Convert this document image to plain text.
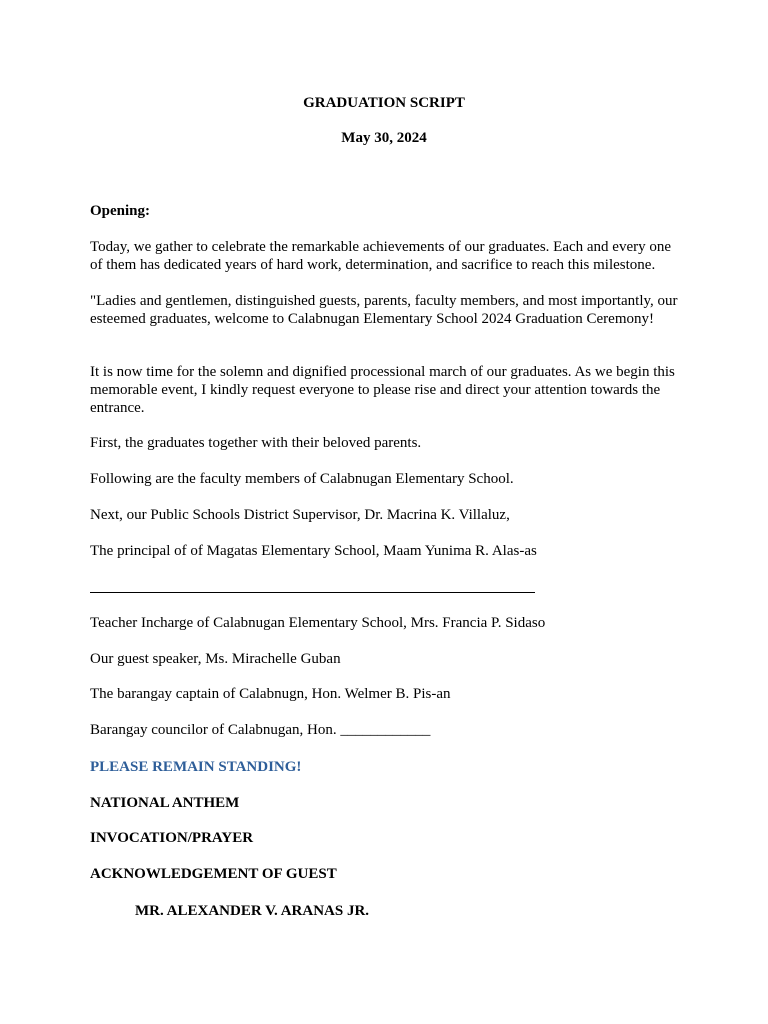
GRADUATION SCRIPT

May 30, 2024

Opening:

Today, we gather to celebrate the remarkable achievements of our graduates. Each and every one of them has dedicated years of hard work, determination, and sacrifice to reach this milestone.

"Ladies and gentlemen, distinguished guests, parents, faculty members, and most importantly, our esteemed graduates, welcome to Calabnugan Elementary School 2024 Graduation Ceremony!

It is now time for the solemn and dignified processional march of our graduates. As we begin this memorable event, I kindly request everyone to please rise and direct your attention towards the entrance.

First, the graduates together with their beloved parents.

Following are the faculty members of Calabnugan Elementary School.

Next, our Public Schools District Supervisor, Dr. Macrina K. Villaluz,

The principal of of Magatas Elementary School, Maam Yunima R. Alas-as

Teacher Incharge of Calabnugan Elementary School, Mrs. Francia P. Sidaso

Our guest speaker, Ms. Mirachelle Guban

The barangay captain of Calabnugn, Hon. Welmer B. Pis-an

Barangay councilor of Calabnugan, Hon. ____________

PLEASE REMAIN STANDING!

NATIONAL ANTHEM

INVOCATION/PRAYER

ACKNOWLEDGEMENT OF GUEST

MR. ALEXANDER V. ARANAS JR.
